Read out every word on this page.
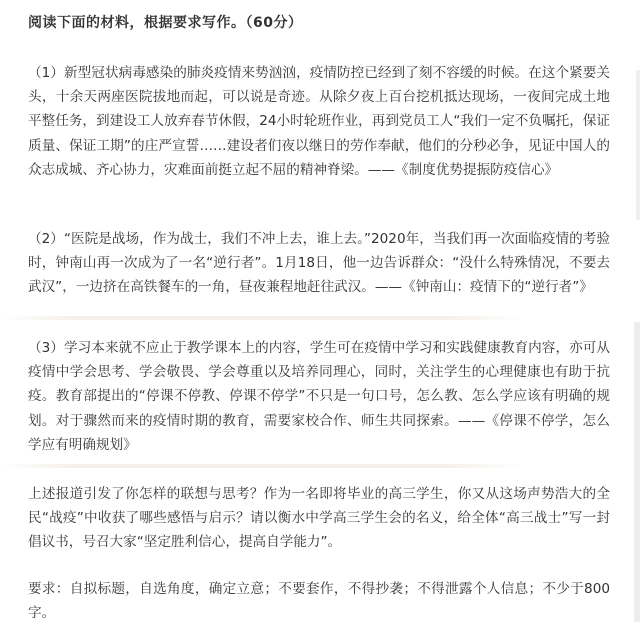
阅读下面的材料，根据要求写作。（60分）

（1）新型冠状病毒感染的肺炎疫情来势汹汹，疫情防控已经到了刻不容缓的时候。在这个紧要关头，十余天两座医院拔地而起，可以说是奇迹。从除夕夜上百台挖机抵达现场，一夜间完成土地平整任务，到建设工人放弃春节休假，24小时轮班作业，再到党员工人“我们一定不负嘱托，保证质量、保证工期”的庄严宣誓……建设者们夜以继日的劳作奉献，他们的分秒必争，见证中国人的众志成城、齐心协力，灾难面前挺立起不屈的精神脊梁。——《制度优势提振防疫信心》

（2）“医院是战场，作为战士，我们不冲上去，谁上去。”2020年，当我们再一次面临疫情的考验时，钟南山再一次成为了一名“逆行者”。1月18日，他一边告诉群众：“没什么特殊情况，不要去武汉”，一边挤在高铁餐车的一角，昼夜兼程地赶往武汉。——《钟南山：疫情下的“逆行者”》

（3）学习本来就不应止于教学课本上的内容，学生可在疫情中学习和实践健康教育内容，亦可从疫情中学会思考、学会敬畏、学会尊重以及培养同理心，同时，关注学生的心理健康也有助于抗疫。教育部提出的“停课不停教、停课不停学”不只是一句口号，怎么教、怎么学应该有明确的规划。对于骤然而来的疫情时期的教育，需要家校合作、师生共同探索。——《停课不停学，怎么学应有明确规划》

上述报道引发了你怎样的联想与思考？作为一名即将毕业的高三学生，你又从这场声势浩大的全民“战疫”中收获了哪些感悟与启示？请以衡水中学高三学生会的名义，给全体“高三战士”写一封倡议书，号召大家“坚定胜利信心，提高自学能力”。

要求：自拟标题，自选角度，确定立意；不要套作，不得抄袭；不得泄露个人信息；不少于800字。
